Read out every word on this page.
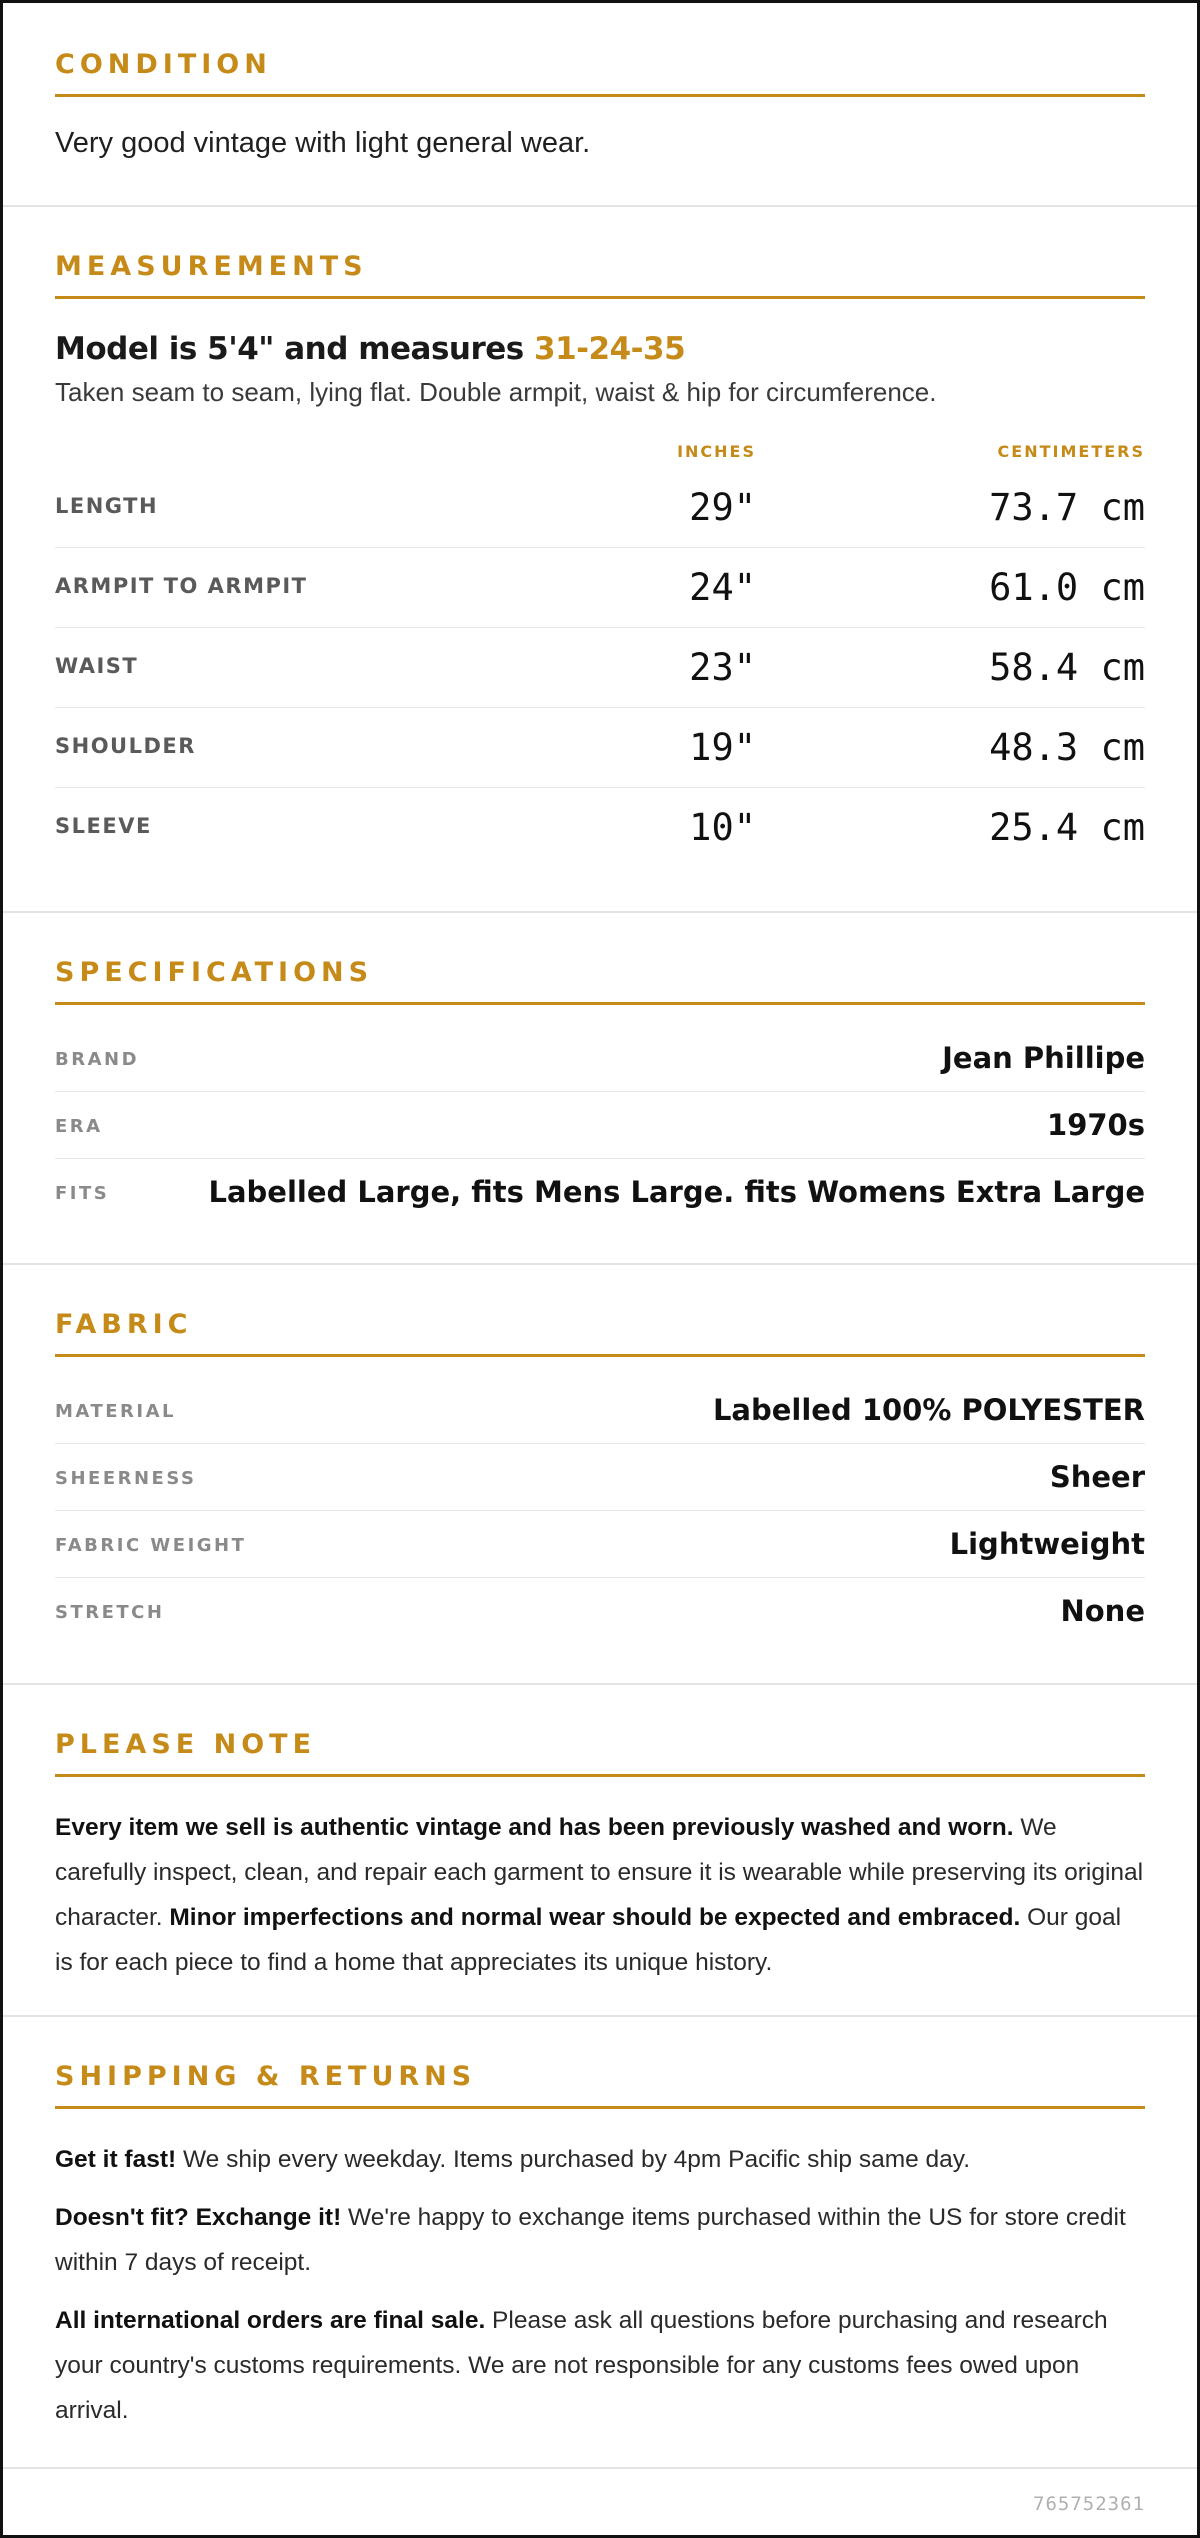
CONDITION
Very good vintage with light general wear.
MEASUREMENTS
Model is 5'4" and measures 31-24-35
Taken seam to seam, lying flat. Double armpit, waist & hip for circumference.
INCHES	CENTIMETERS
LENGTH	29"	73.7 cm
ARMPIT TO ARMPIT	24"	61.0 cm
WAIST	23"	58.4 cm
SHOULDER	19"	48.3 cm
SLEEVE	10"	25.4 cm
SPECIFICATIONS
BRAND	Jean Phillipe
ERA	1970s
FITS	Labelled Large, fits Mens Large. fits Womens Extra Large
FABRIC
MATERIAL	Labelled 100% POLYESTER
SHEERNESS	Sheer
FABRIC WEIGHT	Lightweight
STRETCH	None
PLEASE NOTE

Every item we sell is authentic vintage and has been previously washed and worn. We carefully inspect, clean, and repair each garment to ensure it is wearable while preserving its original character. Minor imperfections and normal wear should be expected and embraced. Our goal is for each piece to find a home that appreciates its unique history.

SHIPPING & RETURNS

Get it fast! We ship every weekday. Items purchased by 4pm Pacific ship same day.

Doesn't fit? Exchange it! We're happy to exchange items purchased within the US for store credit within 7 days of receipt.

All international orders are final sale. Please ask all questions before purchasing and research your country's customs requirements. We are not responsible for any customs fees owed upon arrival.

765752361
